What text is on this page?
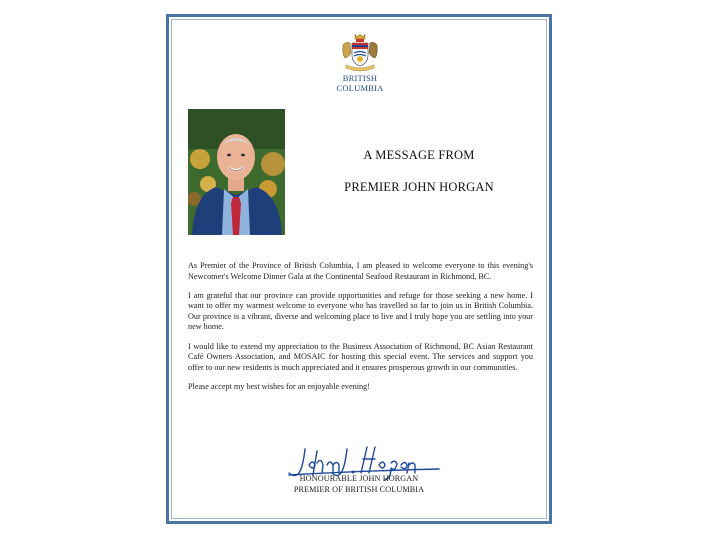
BRITISH
COLUMBIA
A MESSAGE FROM
PREMIER JOHN HORGAN

As Premier of the Province of British Columbia, I am pleased to welcome everyone to this evening's Newcomer's Welcome Dinner Gala at the Continental Seafood Restaurant in Richmond, BC.

I am grateful that our province can provide opportunities and refuge for those seeking a new home. I want to offer my warmest welcome to everyone who has travelled so far to join us in British Columbia. Our province is a vibrant, diverse and welcoming place to live and I truly hope you are settling into your new home.

I would like to extend my appreciation to the Business Association of Richmond, BC Asian Restaurant Café Owners Association, and MOSAIC for hosting this special event. The services and support you offer to our new residents is much appreciated and it ensures prosperous growth in our communities.

Please accept my best wishes for an enjoyable evening!

HONOURABLE JOHN HORGAN
PREMIER OF BRITISH COLUMBIA
